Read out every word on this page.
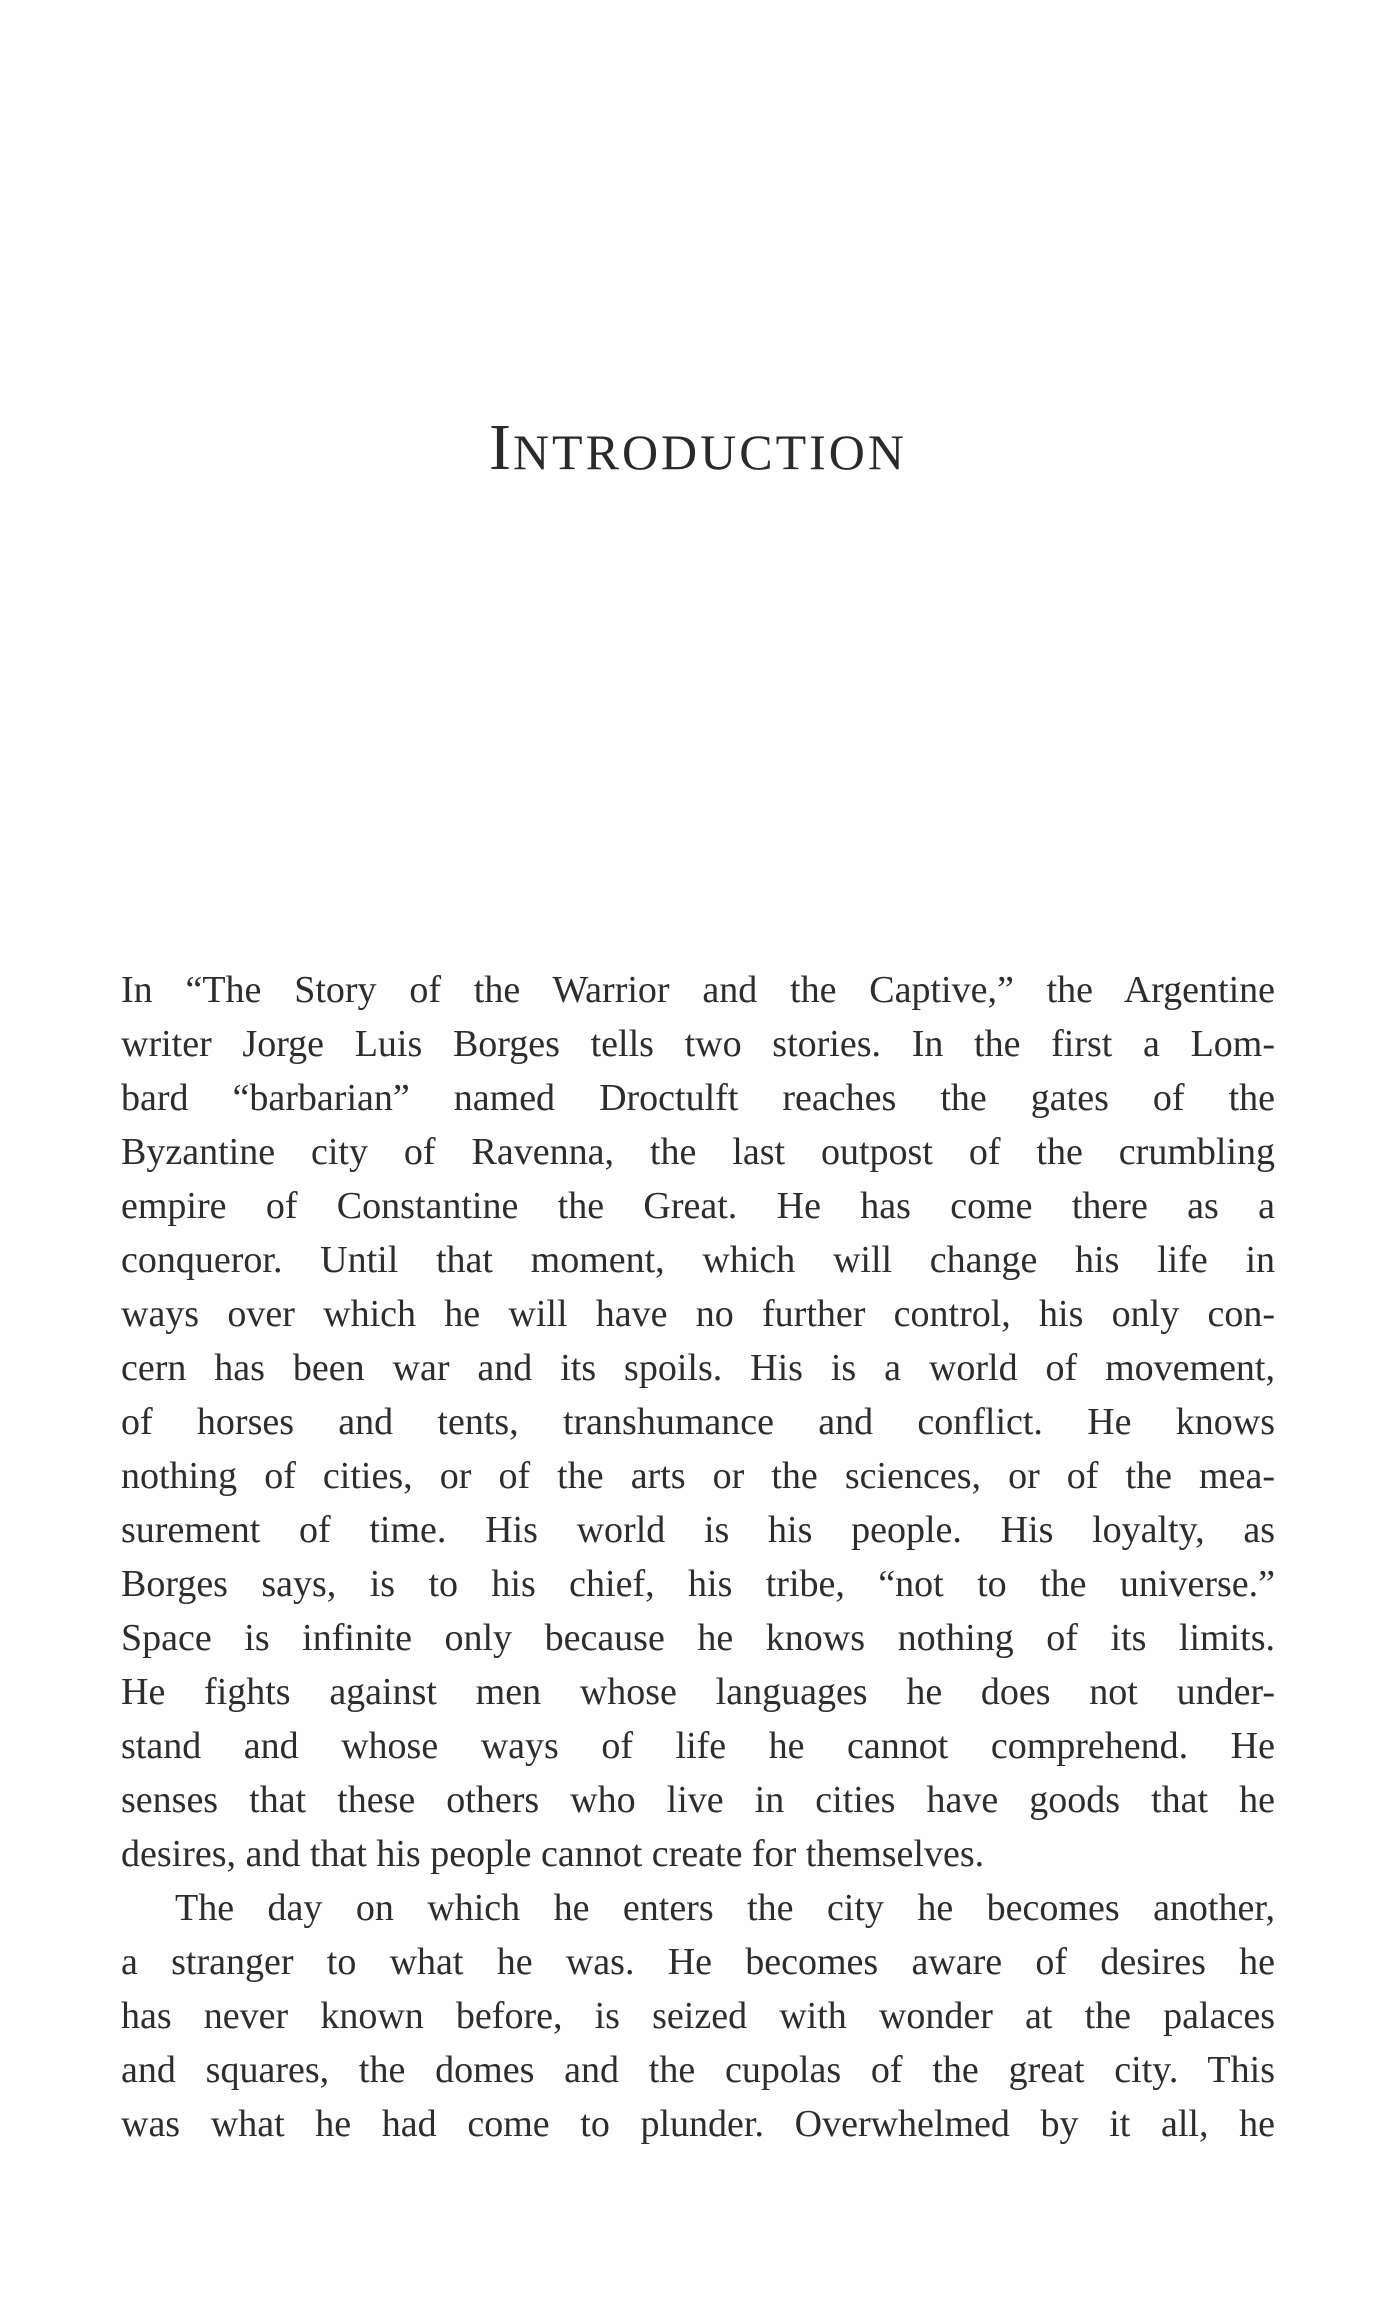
INTRODUCTION
In “The Story of the Warrior and the Captive,” the Argentine
writer Jorge Luis Borges tells two stories. In the first a Lom-
bard “barbarian” named Droctulft reaches the gates of the
Byzantine city of Ravenna, the last outpost of the crumbling
empire of Constantine the Great. He has come there as a
conqueror. Until that moment, which will change his life in
ways over which he will have no further control, his only con-
cern has been war and its spoils. His is a world of movement,
of horses and tents, transhumance and conflict. He knows
nothing of cities, or of the arts or the sciences, or of the mea-
surement of time. His world is his people. His loyalty, as
Borges says, is to his chief, his tribe, “not to the universe.”
Space is infinite only because he knows nothing of its limits.
He fights against men whose languages he does not under-
stand and whose ways of life he cannot comprehend. He
senses that these others who live in cities have goods that he
desires, and that his people cannot create for themselves.
The day on which he enters the city he becomes another,
a stranger to what he was. He becomes aware of desires he
has never known before, is seized with wonder at the palaces
and squares, the domes and the cupolas of the great city. This
was what he had come to plunder. Overwhelmed by it all, he
